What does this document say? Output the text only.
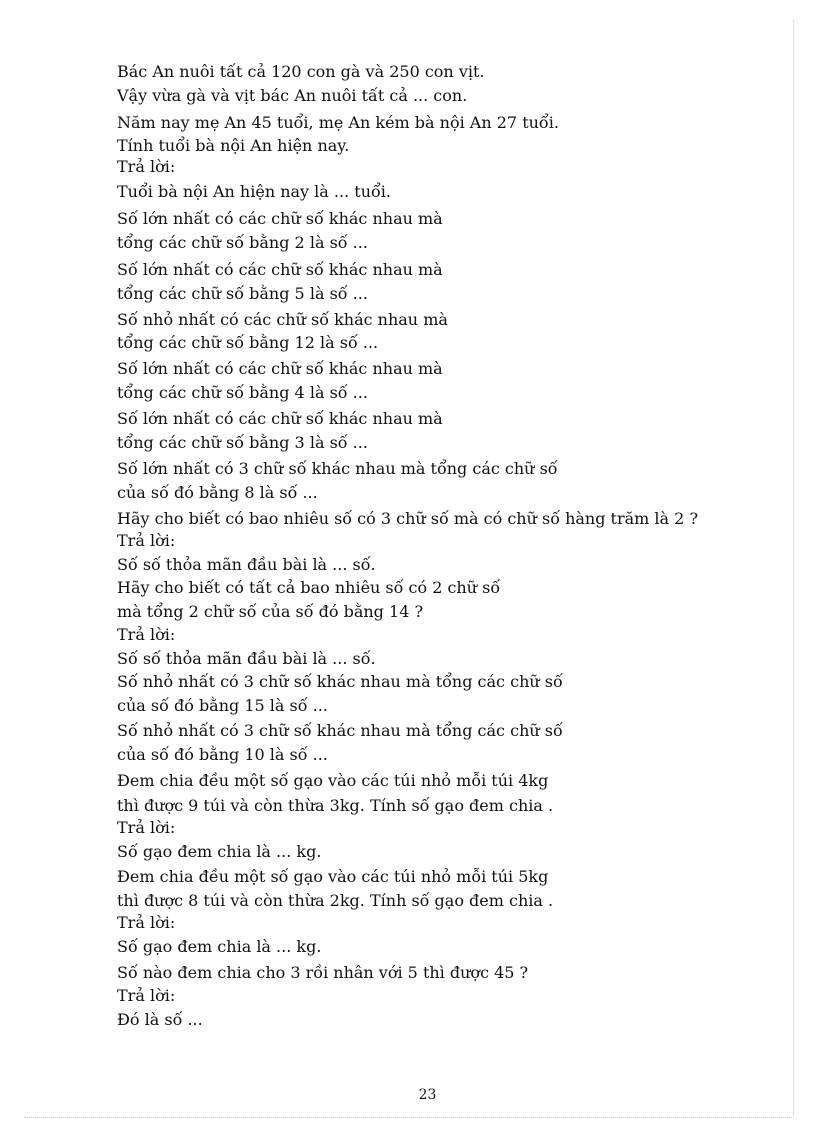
Bác An nuôi tất cả 120 con gà và 250 con vịt.
Vậy vừa gà và vịt bác An nuôi tất cả ... con.
Năm nay mẹ An 45 tuổi, mẹ An kém bà nội An 27 tuổi.
Tính tuổi bà nội An hiện nay.
Trả lời:
Tuổi bà nội An hiện nay là ... tuổi.
Số lớn nhất có các chữ số khác nhau mà
tổng các chữ số bằng 2 là số ...
Số lớn nhất có các chữ số khác nhau mà
tổng các chữ số bằng 5 là số ...
Số nhỏ nhất có các chữ số khác nhau mà
tổng các chữ số bằng 12 là số ...
Số lớn nhất có các chữ số khác nhau mà
tổng các chữ số bằng 4 là số ...
Số lớn nhất có các chữ số khác nhau mà
tổng các chữ số bằng 3 là số ...
Số lớn nhất có 3 chữ số khác nhau mà tổng các chữ số
của số đó bằng 8 là số ...
Hãy cho biết có bao nhiêu số có 3 chữ số mà có chữ số hàng trăm là 2 ?
Trả lời:
Số số thỏa mãn đầu bài là ... số.
Hãy cho biết có tất cả bao nhiêu số có 2 chữ số
mà tổng 2 chữ số của số đó bằng 14 ?
Trả lời:
Số số thỏa mãn đầu bài là ... số.
Số nhỏ nhất có 3 chữ số khác nhau mà tổng các chữ số
của số đó bằng 15 là số ...
Số nhỏ nhất có 3 chữ số khác nhau mà tổng các chữ số
của số đó bằng 10 là số ...
Đem chia đều một số gạo vào các túi nhỏ mỗi túi 4kg
thì được 9 túi và còn thừa 3kg. Tính số gạo đem chia .
Trả lời:
Số gạo đem chia là ... kg.
Đem chia đều một số gạo vào các túi nhỏ mỗi túi 5kg
thì được 8 túi và còn thừa 2kg. Tính số gạo đem chia .
Trả lời:
Số gạo đem chia là ... kg.
Số nào đem chia cho 3 rồi nhân với 5 thì được 45 ?
Trả lời:
Đó là số ...
23
